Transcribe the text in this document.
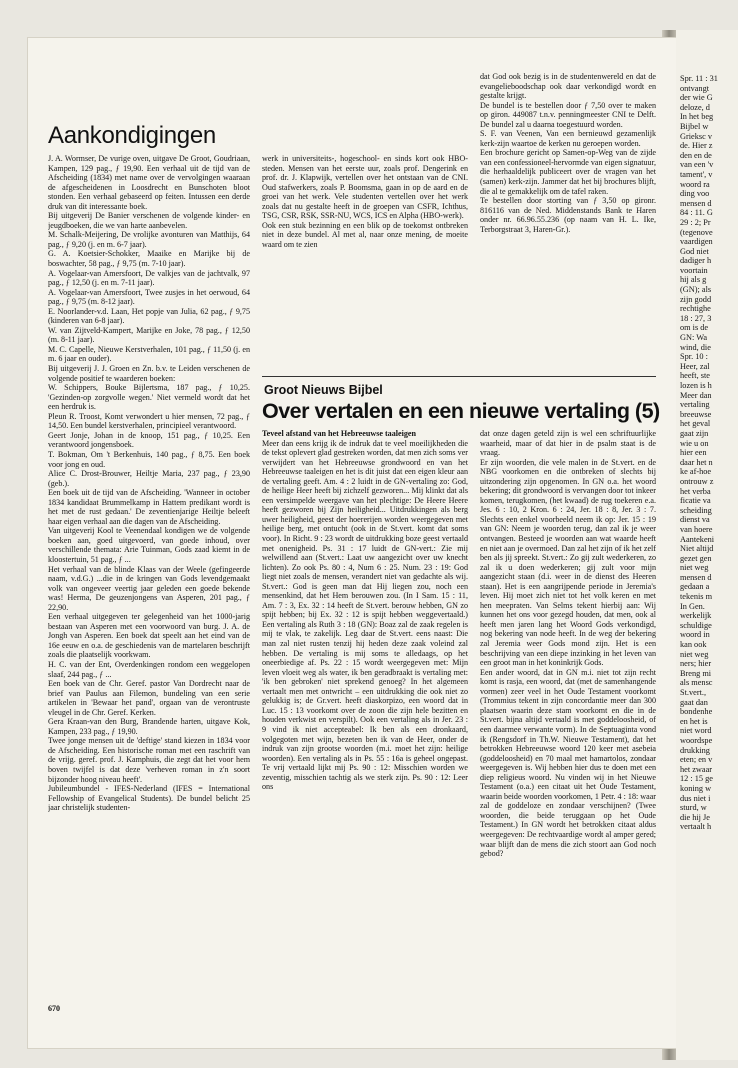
Aankondigingen

J. A. Wormser, De vurige oven, uitgave De Groot, Goudriaan, Kampen, 129 pag., ƒ 19,90. Een verhaal uit de tijd van de Afscheiding (1834) met name over de vervolgingen waaraan de afgescheidenen in Loosdrecht en Bunschoten bloot stonden. Een verhaal gebaseerd op feiten. Intussen een derde druk van dit interessante boek.

Bij uitgeverij De Banier verschenen de volgende kinder- en jeugdboeken, die we van harte aanbevelen.

M. Schalk-Meijering, De vrolijke avonturen van Matthijs, 64 pag., ƒ 9,20 (j. en m. 6-7 jaar).

G. A. Koetsier-Schokker, Maaike en Marijke bij de boswachter, 58 pag., ƒ 9,75 (m. 7-10 jaar).

A. Vogelaar-van Amersfoort, De valkjes van de jachtvalk, 97 pag., ƒ 12,50 (j. en m. 7-11 jaar).

A. Vogelaar-van Amersfoort, Twee zusjes in het oerwoud, 64 pag., ƒ 9,75 (m. 8-12 jaar).

E. Noorlander-v.d. Laan, Het popje van Julia, 62 pag., ƒ 9,75 (kinderen van 6-8 jaar).

W. van Zijtveld-Kampert, Marijke en Joke, 78 pag., ƒ 12,50 (m. 8-11 jaar).

M. C. Capelle, Nieuwe Kerstverhalen, 101 pag., ƒ 11,50 (j. en m. 6 jaar en ouder).

Bij uitgeverij J. J. Groen en Zn. b.v. te Leiden verschenen de volgende positief te waarderen boeken:

W. Schippers, Bouke Bijlertsma, 187 pag., ƒ 10,25. 'Gezinden-op zorgvolle wegen.' Niet vermeld wordt dat het een herdruk is.

Pleun R. Troost, Komt verwondert u hier mensen, 72 pag., ƒ 14,50. Een bundel kerstverhalen, principieel verantwoord.

Geert Jonje, Johan in de knoop, 151 pag., ƒ 10,25. Een verantwoord jongensboek.

T. Bokman, Om 't Berkenhuis, 140 pag., ƒ 8,75. Een boek voor jong en oud.

Alice C. Drost-Brouwer, Heiltje Maria, 237 pag., ƒ 23,90 (geb.).

Een boek uit de tijd van de Afscheiding. 'Wanneer in october 1834 kandidaat Brummelkamp in Hattem predikant wordt is het met de rust gedaan.' De zeventienjarige Heiltje beleeft haar eigen verhaal aan die dagen van de Afscheiding.

Van uitgeverij Kool te Veenendaal kondigen we de volgende boeken aan, goed uitgevoerd, van goede inhoud, over verschillende themata: Arie Tuinman, Gods zaad kiemt in de kloostertuin, 51 pag., ƒ ...

Het verhaal van de blinde Klaas van der Weele (gefingeerde naam, v.d.G.) ...die in de kringen van Gods levendgemaakt volk van ongeveer veertig jaar geleden een goede bekende was! Herma, De geuzenjongens van Asperen, 201 pag., ƒ 22,90.

Een verhaal uitgegeven ter gelegenheid van het 1000-jarig bestaan van Asperen met een voorwoord van burg. J. A. de Jongh van Asperen. Een boek dat speelt aan het eind van de 16e eeuw en o.a. de geschiedenis van de martelaren beschrijft zoals die plaatselijk voorkwam.

H. C. van der Ent, Overdenkingen rondom een weggelopen slaaf, 244 pag., ƒ ...

Een boek van de Chr. Geref. pastor Van Dordrecht naar de brief van Paulus aan Filemon, bundeling van een serie artikelen in 'Bewaar het pand', orgaan van de verontruste vleugel in de Chr. Geref. Kerken.

Gera Kraan-van den Burg, Brandende harten, uitgave Kok, Kampen, 233 pag., ƒ 19,90.

Twee jonge mensen uit de 'deftige' stand kiezen in 1834 voor de Afscheiding. Een historische roman met een raschrift van de vrijg. geref. prof. J. Kamphuis, die zegt dat het voor hem boven twijfel is dat deze 'verheven roman in z'n soort bijzonder hoog niveau heeft'.

Jubileumbundel - IFES-Nederland (IFES = International Fellowship of Evangelical Students). De bundel belicht 25 jaar christelijk studenten-

werk in universiteits-, hogeschool- en sinds kort ook HBO-steden. Mensen van het eerste uur, zoals prof. Dengerink en prof. dr. J. Klapwijk, vertellen over het ontstaan van de CNI. Oud stafwerkers, zoals P. Boomsma, gaan in op de aard en de groei van het werk. Vele studenten vertellen over het werk zoals dat nu gestalte heeft in de groepen van CSFR, Ichthus, TSG, CSR, RSK, SSR-NU, WCS, ICS en Alpha (HBO-werk).

Ook een stuk bezinning en een blik op de toekomst ontbreken niet in deze bundel. Al met al, naar onze mening, de moeite waard om te zien

dat God ook bezig is in de studentenwereld en dat de evangelieboodschap ook daar verkondigd wordt en gestalte krijgt.

De bundel is te bestellen door ƒ 7,50 over te maken op giron. 449087 t.n.v. penningmeester CNI te Delft. De bundel zal u daarna toegestuurd worden.

S. F. van Veenen, Van een bernieuwd gezamenlijk kerk-zijn waartoe de kerken nu geroepen worden.

Een brochure gericht op Samen-op-Weg van de zijde van een confessioneel-hervormde van eigen signatuur, die herhaaldelijk publiceert over de vragen van het (samen) kerk-zijn. Jammer dat het bij brochures blijft, die al te gemakkelijk om de tafel raken.

Te bestellen door storting van ƒ 3,50 op gironr. 816116 van de Ned. Middenstands Bank te Haren onder nr. 66.96.55.236 (op naam van H. L. Ike, Terborgstraat 3, Haren-Gr.).

Groot Nieuws Bijbel
Over vertalen en een nieuwe vertaling (5)

Teveel afstand van het Hebreeuwse taaleigen

Meer dan eens krijg ik de indruk dat te veel moeilijkheden die de tekst oplevert glad gestreken worden, dat men zich soms ver verwijdert van het Hebreeuwse grondwoord en van het Hebreeuwse taaleigen en het is dit juist dat een eigen kleur aan de vertaling geeft. Am. 4 : 2 luidt in de GN-vertaling zo: God, de heilige Heer heeft bij zichzelf gezworen... Mij klinkt dat als een versimpelde weergave van het plechtige: De Heere Heere heeft gezworen bij Zijn heiligheid... Uitdrukkingen als berg uwer heiligheid, geest der hoererijen worden weergegeven met heilige berg, met ontucht (ook in de St.vert. komt dat soms voor). In Richt. 9 : 23 wordt de uitdrukking boze geest vertaald met onenigheid. Ps. 31 : 17 luidt de GN-vert.: Zie mij welwillend aan (St.vert.: Laat uw aangezicht over uw knecht lichten). Zo ook Ps. 80 : 4, Num 6 : 25. Num. 23 : 19: God liegt niet zoals de mensen, verandert niet van gedachte als wij. St.vert.: God is geen man dat Hij liegen zou, noch een mensenkind, dat het Hem berouwen zou. (In I Sam. 15 : 11, Am. 7 : 3, Ex. 32 : 14 heeft de St.vert. berouw hebben, GN zo spijt hebben; bij Ex. 32 : 12 is spijt hebben weggevertaald.) Een vertaling als Ruth 3 : 18 (GN): Boaz zal de zaak regelen is mij te vlak, te zakelijk. Leg daar de St.vert. eens naast: Die man zal niet rusten tenzij hij heden deze zaak voleind zal hebben. De vertaling is mij soms te alledaags, op het oneerbiedige af. Ps. 22 : 15 wordt weergegeven met: Mijn leven vloeit weg als water, ik ben geradbraakt is vertaling met: 'ik ben gebroken' niet sprekend genoeg? In het algemeen vertaalt men met ontwricht – een uitdrukking die ook niet zo gelukkig is; de Gr.vert. heeft diaskorpizo, een woord dat in Luc. 15 : 13 voorkomt over de zoon die zijn hele bezitten en houden verkwist en verspilt). Ook een vertaling als in Jer. 23 : 9 vind ik niet accepteabel: Ik ben als een dronkaard, volgegoten met wijn, bezeten ben ik van de Heer, onder de indruk van zijn grootse woorden (m.i. moet het zijn: heilige woorden). Een vertaling als in Ps. 55 : 16a is geheel ongepast. Te vrij vertaald lijkt mij Ps. 90 : 12: Misschien worden we zeventig, misschien tachtig als we sterk zijn. Ps. 90 : 12: Leer ons

dat onze dagen geteld zijn is wel een schriftuurlijke waarheid, maar of dat hier in de psalm staat is de vraag.

Er zijn woorden, die vele malen in de St.vert. en de NBG voorkomen en die ontbreken of slechts bij uitzondering zijn opgenomen. In GN o.a. het woord bekering; dit grondwoord is vervangen door tot inkeer komen, terugkomen, (het kwaad) de rug toekeren e.a. Jes. 6 : 10, 2 Kron. 6 : 24, Jer. 18 : 8, Jer. 3 : 7. Slechts een enkel voorbeeld neem ik op: Jer. 15 : 19 van GN: Neem je woorden terug, dan zal ik je weer ontvangen. Besteed je woorden aan wat waarde heeft en niet aan je overmoed. Dan zal het zijn of ik het zelf ben als jij spreekt. St.vert.: Zo gij zult wederkeren, zo zal ik u doen wederkeren; gij zult voor mijn aangezicht staan (d.i. weer in de dienst des Heeren staan). Het is een aangrijpende periode in Jeremia's leven. Hij moet zich niet tot het volk keren en met hen meepraten. Van Selms tekent hierbij aan: Wij kunnen het ons voor gezegd houden, dat men, ook al heeft men jaren lang het Woord Gods verkondigd, nog bekering van node heeft. In de weg der bekering zal Jeremia weer Gods mond zijn. Het is een beschrijving van een diepe inzinking in het leven van een groot man in het koninkrijk Gods.

Een ander woord, dat in GN m.i. niet tot zijn recht komt is rasja, een woord, dat (met de samenhangende vormen) zeer veel in het Oude Testament voorkomt (Trommius tekent in zijn concordantie meer dan 300 plaatsen waarin deze stam voorkomt en die in de St.vert. bijna altijd vertaald is met goddeloosheid, of een daarmee verwante vorm). In de Septuaginta vond ik (Rengsdorf in Th.W. Nieuwe Testament), dat het betrokken Hebreeuwse woord 120 keer met asebeia (goddeloosheid) en 70 maal met hamartolos, zondaar weergegeven is. Wij hebben hier dus te doen met een diep religieus woord. Nu vinden wij in het Nieuwe Testament (o.a.) een citaat uit het Oude Testament, waarin beide woorden voorkomen, 1 Petr. 4 : 18: waar zal de goddeloze en zondaar verschijnen? (Twee woorden, die beide teruggaan op het Oude Testament.) In GN wordt het betrokken citaat aldus weergegeven: De rechtvaardige wordt al amper gered; waar blijft dan de mens die zich stoort aan God noch gebod?

670

Spr. 11 : 31

ontvangt

der wie G

deloze, d

In het beg

Bijbel w

Grieksc v

de. Hier z

den en de

van een 'v

tament', v

woord ra

ding voo

mensen d

84 : 11. G

29 : 2; Pr

(tegenove

vaardigen

God niet

dadiger h

voortain

hij als g

(GN); als

zijn godd

rechtighe

18 : 27, 3

om is de

GN: Wa

wind, die

Spr. 10 :

Heer, zal

heeft, ste

lozen is h

Meer dan

vertaling

breeuwse

het geval

gaat zijn

wie u on

hier een

daar het n

ke af-hoe

ontrouw z

het verba

ficatie va

scheiding

dienst va

van hoere

Aantekeni

Niet altijd

gezet gen

niet weg

mensen d

gedaan a

tekenis m

In Gen.

werkelijk

schuldige

woord in

kan ook

niet weg

ners; hier

Breng mi

als mensc

St.vert.,

gaat dan

bondenhe

en het is

niet word

woordspe

drukking

eten; en v

het zwaar

12 : 15 ge

koning w

dus niet i

sturd, w

die hij Je

vertaalt h
